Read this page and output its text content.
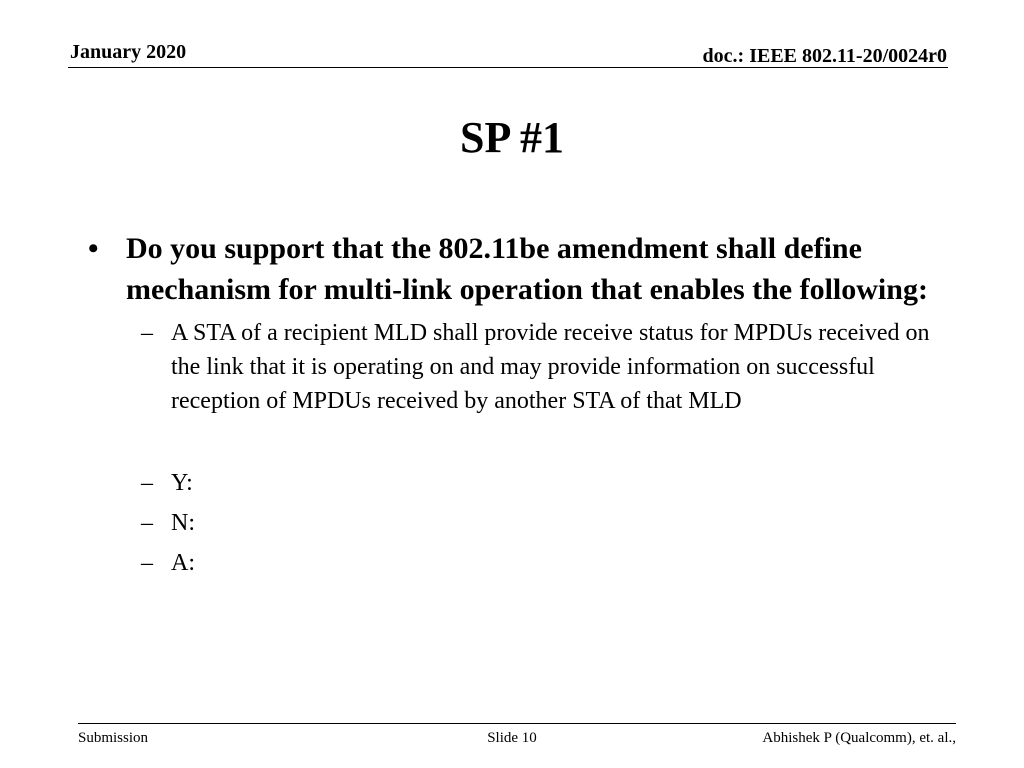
January 2020	doc.: IEEE 802.11-20/0024r0
SP #1
• Do you support that the 802.11be amendment shall define mechanism for multi-link operation that enables the following:
– A STA of a recipient MLD shall provide receive status for MPDUs received on the link that it is operating on and may provide information on successful reception of MPDUs received by another STA of that MLD
– Y:
– N:
– A:
Submission	Slide 10	Abhishek P (Qualcomm), et. al.,
